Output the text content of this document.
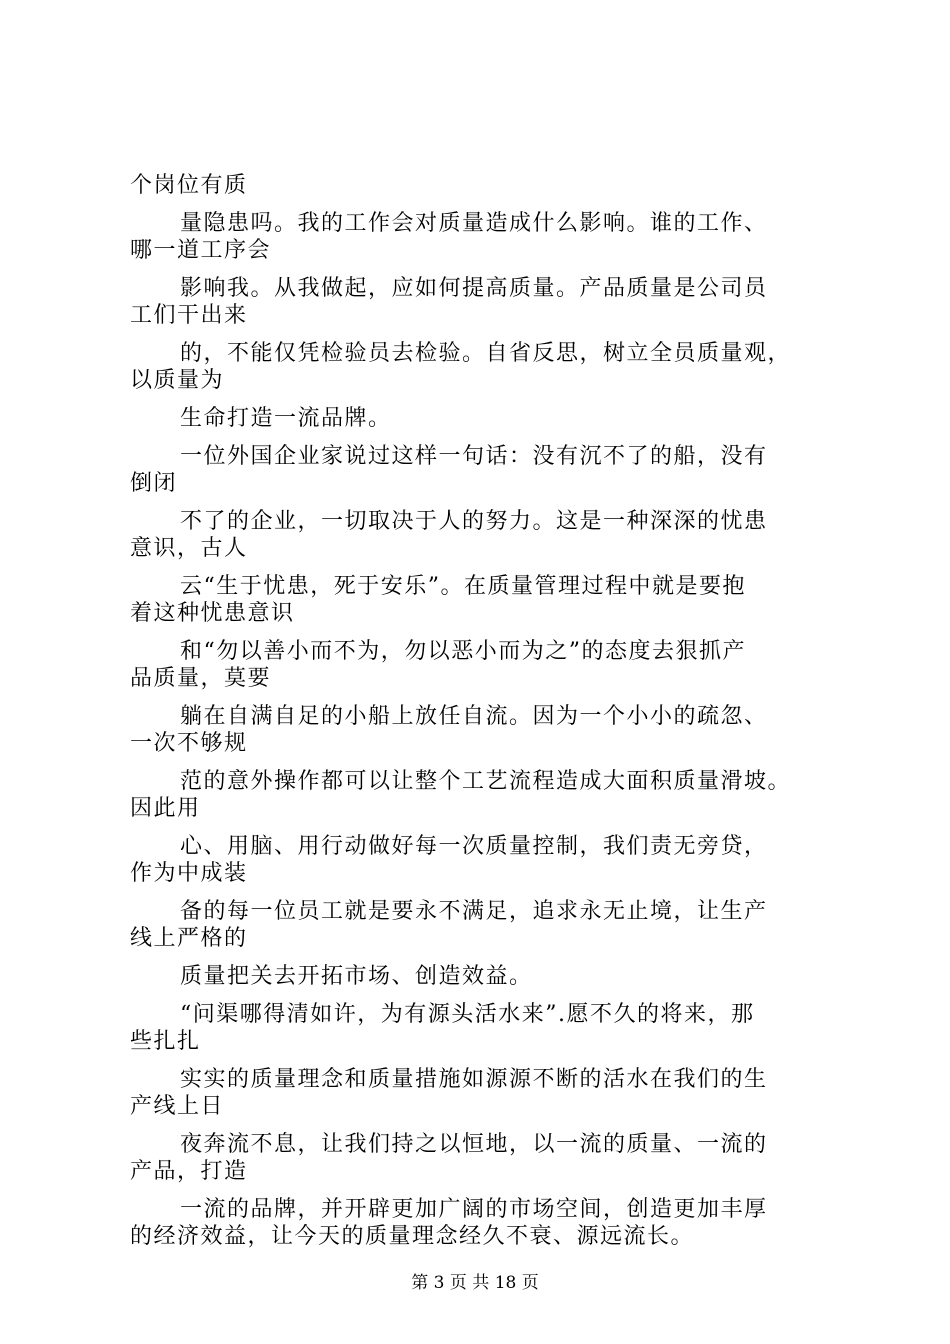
个岗位有质

量隐患吗。我的工作会对质量造成什么影响。谁的工作、

哪一道工序会

影响我。从我做起，应如何提高质量。产品质量是公司员

工们干出来

的，不能仅凭检验员去检验。自省反思，树立全员质量观，

以质量为

生命打造一流品牌。

一位外国企业家说过这样一句话：没有沉不了的船，没有

倒闭

不了的企业，一切取决于人的努力。这是一种深深的忧患

意识，古人

云“生于忧患，死于安乐”。在质量管理过程中就是要抱

着这种忧患意识

和“勿以善小而不为，勿以恶小而为之”的态度去狠抓产

品质量，莫要

躺在自满自足的小船上放任自流。因为一个小小的疏忽、

一次不够规

范的意外操作都可以让整个工艺流程造成大面积质量滑坡。

因此用

心、用脑、用行动做好每一次质量控制，我们责无旁贷，

作为中成装

备的每一位员工就是要永不满足，追求永无止境，让生产

线上严格的

质量把关去开拓市场、创造效益。

“问渠哪得清如许，为有源头活水来”.愿不久的将来，那

些扎扎

实实的质量理念和质量措施如源源不断的活水在我们的生

产线上日

夜奔流不息，让我们持之以恒地，以一流的质量、一流的

产品，打造

一流的品牌，并开辟更加广阔的市场空间，创造更加丰厚

的经济效益，让今天的质量理念经久不衰、源远流长。

第 3 页 共 18 页
